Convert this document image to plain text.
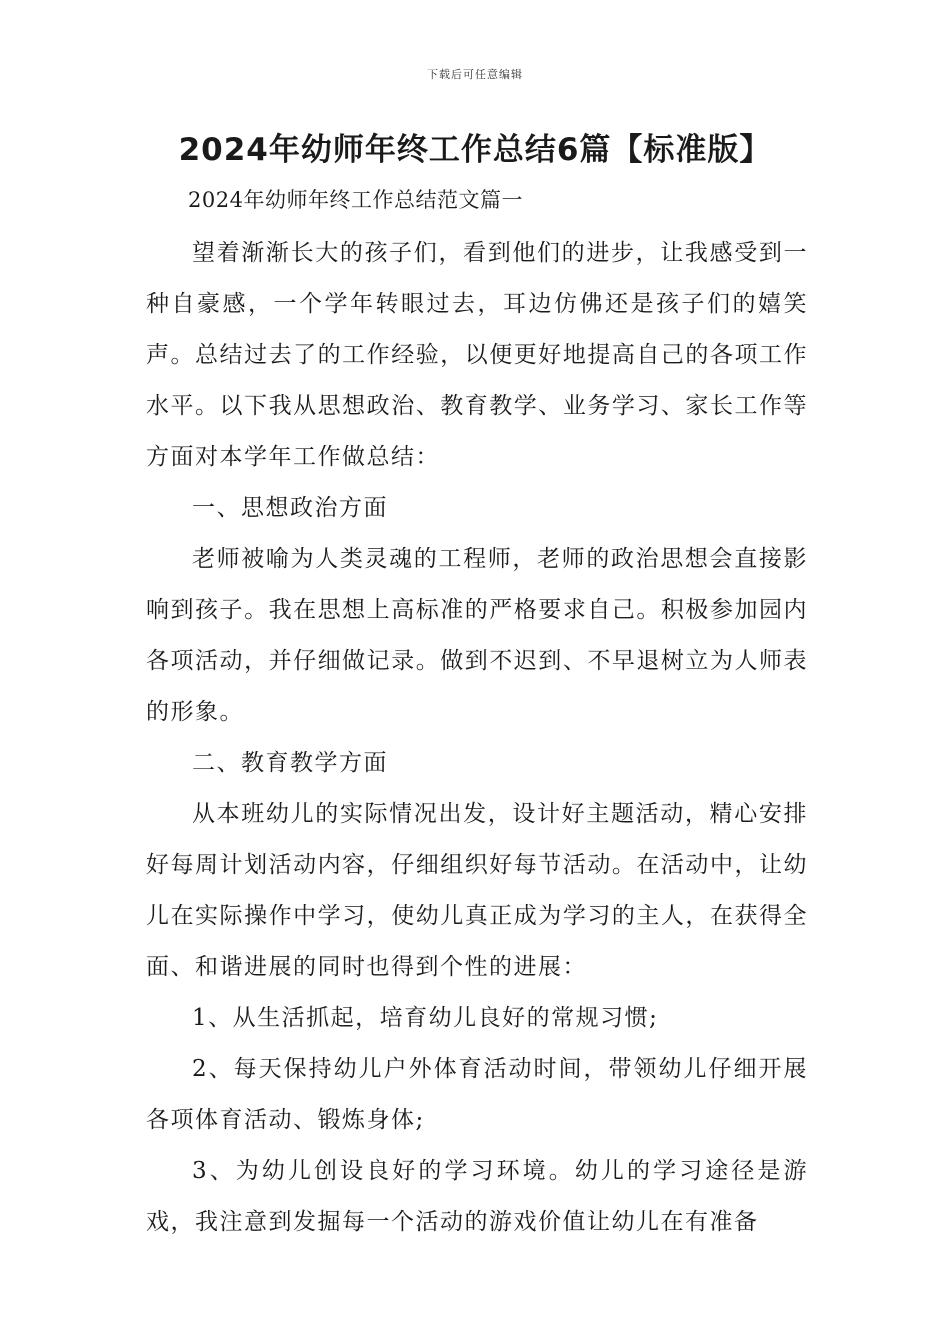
下载后可任意编辑
2024年幼师年终工作总结6篇【标准版】

2024年幼师年终工作总结范文篇一

望着渐渐长大的孩子们，看到他们的进步，让我感受到一种自豪感，一个学年转眼过去，耳边仿佛还是孩子们的嬉笑声。总结过去了的工作经验，以便更好地提高自己的各项工作水平。以下我从思想政治、教育教学、业务学习、家长工作等方面对本学年工作做总结：

一、思想政治方面

老师被喻为人类灵魂的工程师，老师的政治思想会直接影响到孩子。我在思想上高标准的严格要求自己。积极参加园内各项活动，并仔细做记录。做到不迟到、不早退树立为人师表的形象。

二、教育教学方面

从本班幼儿的实际情况出发，设计好主题活动，精心安排好每周计划活动内容，仔细组织好每节活动。在活动中，让幼儿在实际操作中学习，使幼儿真正成为学习的主人，在获得全面、和谐进展的同时也得到个性的进展：

1、从生活抓起，培育幼儿良好的常规习惯;

2、每天保持幼儿户外体育活动时间，带领幼儿仔细开展各项体育活动、锻炼身体;

3、为幼儿创设良好的学习环境。幼儿的学习途径是游戏，我注意到发掘每一个活动的游戏价值让幼儿在有准备
